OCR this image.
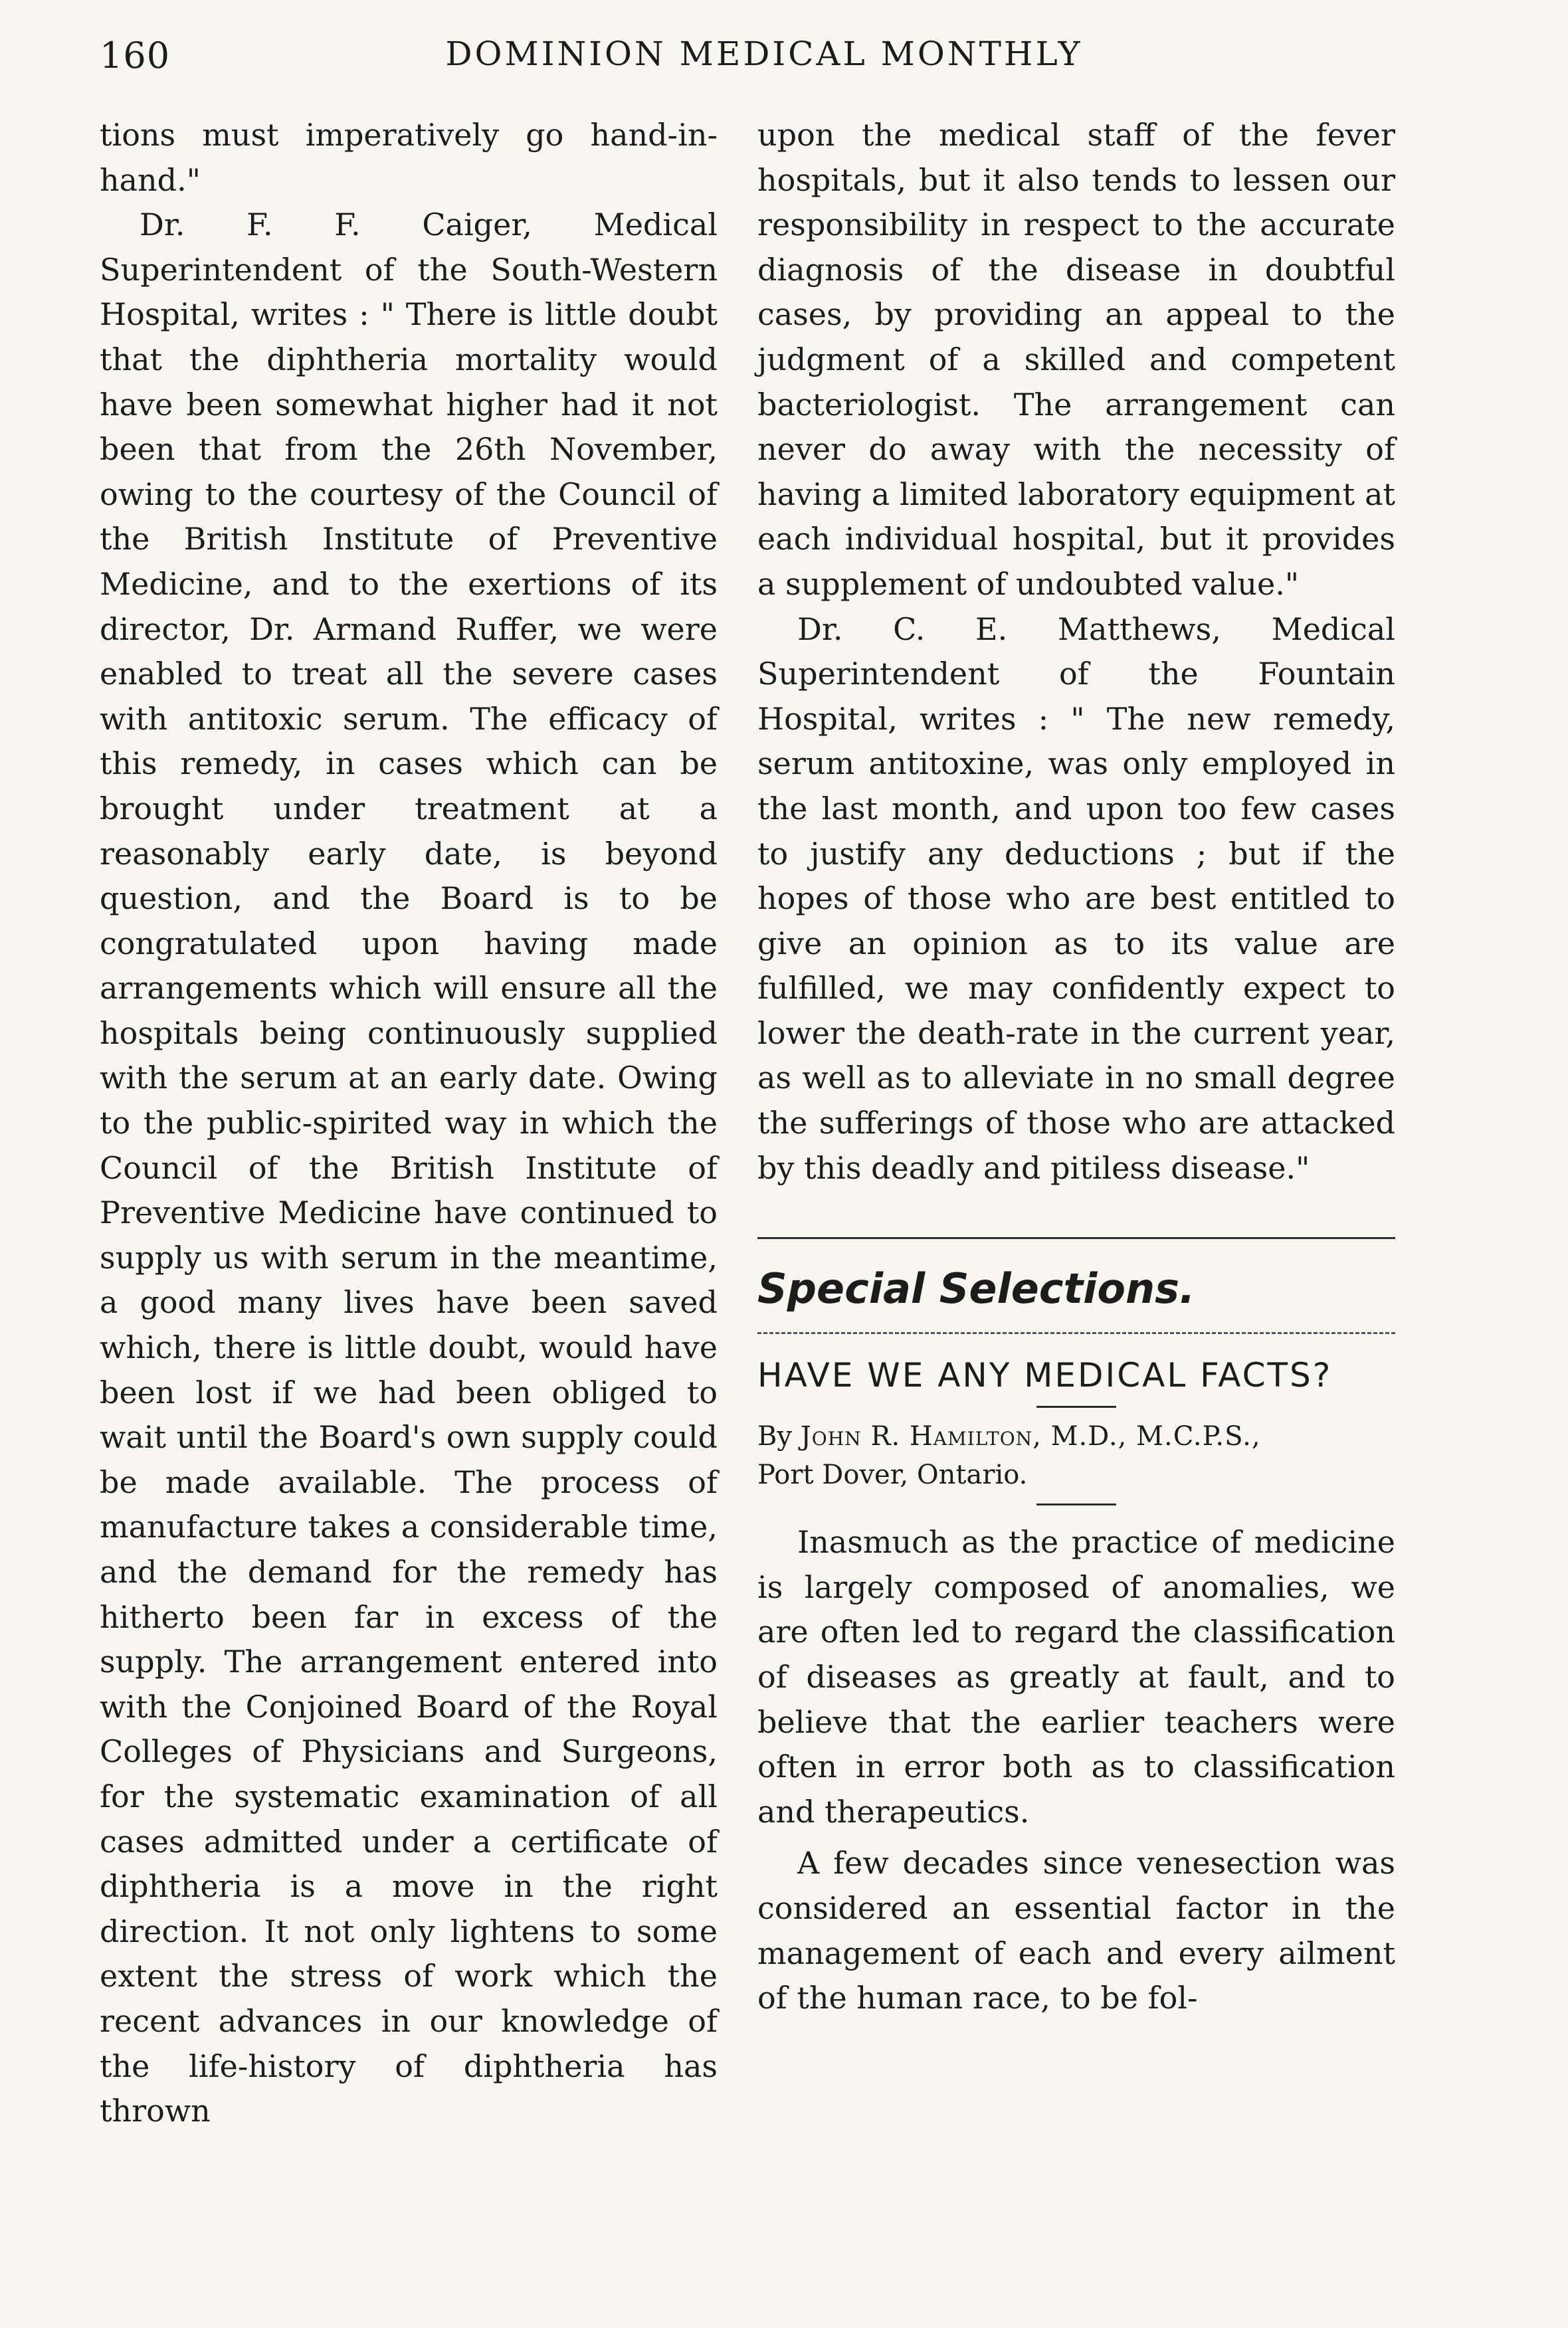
160	DOMINION MEDICAL MONTHLY

tions must imperatively go hand-in-hand."

Dr. F. F. Caiger, Medical Superintendent of the South-Western Hospital, writes : " There is little doubt that the diphtheria mortality would have been somewhat higher had it not been that from the 26th November, owing to the courtesy of the Council of the British Institute of Preventive Medicine, and to the exertions of its director, Dr. Armand Ruffer, we were enabled to treat all the severe cases with antitoxic serum. The efficacy of this remedy, in cases which can be brought under treatment at a reasonably early date, is beyond question, and the Board is to be congratulated upon having made arrangements which will ensure all the hospitals being continuously supplied with the serum at an early date. Owing to the public-spirited way in which the Council of the British Institute of Preventive Medicine have continued to supply us with serum in the meantime, a good many lives have been saved which, there is little doubt, would have been lost if we had been obliged to wait until the Board's own supply could be made available. The process of manufacture takes a considerable time, and the demand for the remedy has hitherto been far in excess of the supply. The arrangement entered into with the Conjoined Board of the Royal Colleges of Physicians and Surgeons, for the systematic examination of all cases admitted under a certificate of diphtheria is a move in the right direction. It not only lightens to some extent the stress of work which the recent advances in our knowledge of the life-history of diphtheria has thrown

upon the medical staff of the fever hospitals, but it also tends to lessen our responsibility in respect to the accurate diagnosis of the disease in doubtful cases, by providing an appeal to the judgment of a skilled and competent bacteriologist. The arrangement can never do away with the necessity of having a limited laboratory equipment at each individual hospital, but it provides a supplement of undoubted value."

Dr. C. E. Matthews, Medical Superintendent of the Fountain Hospital, writes : " The new remedy, serum antitoxine, was only employed in the last month, and upon too few cases to justify any deductions ; but if the hopes of those who are best entitled to give an opinion as to its value are fulfilled, we may confidently expect to lower the death-rate in the current year, as well as to alleviate in no small degree the sufferings of those who are attacked by this deadly and pitiless disease."

Special Selections.

HAVE WE ANY MEDICAL FACTS?

By John R. Hamilton, M.D., M.C.P.S.,

Port Dover, Ontario.

Inasmuch as the practice of medicine is largely composed of anomalies, we are often led to regard the classification of diseases as greatly at fault, and to believe that the earlier teachers were often in error both as to classification and therapeutics.

A few decades since venesection was considered an essential factor in the management of each and every ailment of the human race, to be fol-
